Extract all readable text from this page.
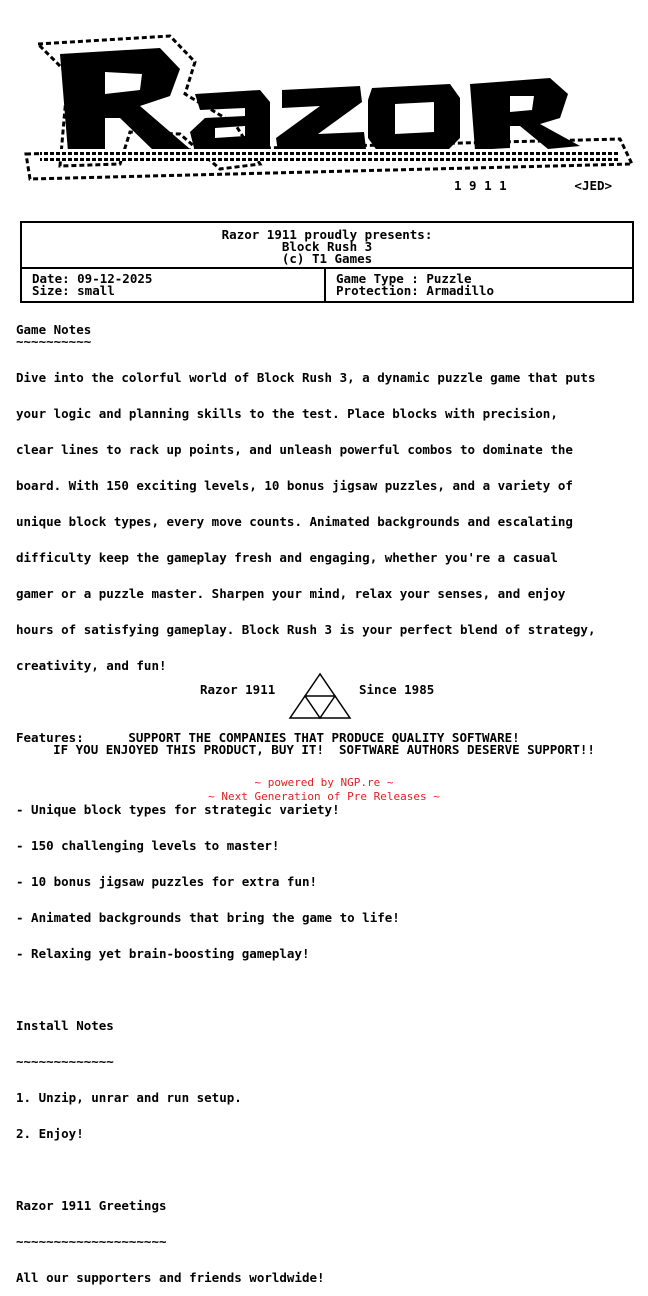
1 9 1 1	<JED>
Razor 1911 proudly presents:
Block Rush 3
(c) T1 Games
Date: 09-12-2025
Size: small
Game Type : Puzzle
Protection: Armadillo
Game Notes
~~~~~~~~~~

Dive into the colorful world of Block Rush 3, a dynamic puzzle game that puts

your logic and planning skills to the test. Place blocks with precision,

clear lines to rack up points, and unleash powerful combos to dominate the

board. With 150 exciting levels, 10 bonus jigsaw puzzles, and a variety of

unique block types, every move counts. Animated backgrounds and escalating

difficulty keep the gameplay fresh and engaging, whether you're a casual

gamer or a puzzle master. Sharpen your mind, relax your senses, and enjoy

hours of satisfying gameplay. Block Rush 3 is your perfect blend of strategy,

creativity, and fun!

Features:

- Unique block types for strategic variety!

- 150 challenging levels to master!

- 10 bonus jigsaw puzzles for extra fun!

- Animated backgrounds that bring the game to life!

- Relaxing yet brain-boosting gameplay!

Install Notes

~~~~~~~~~~~~~

1. Unzip, unrar and run setup.

2. Enjoy!

Razor 1911 Greetings

~~~~~~~~~~~~~~~~~~~~

All our supporters and friends worldwide!

Razor 1911	Since 1985
SUPPORT THE COMPANIES THAT PRODUCE QUALITY SOFTWARE!
IF YOU ENJOYED THIS PRODUCT, BUY IT!  SOFTWARE AUTHORS DESERVE SUPPORT!!
~ powered by NGP.re ~
~ Next Generation of Pre Releases ~
